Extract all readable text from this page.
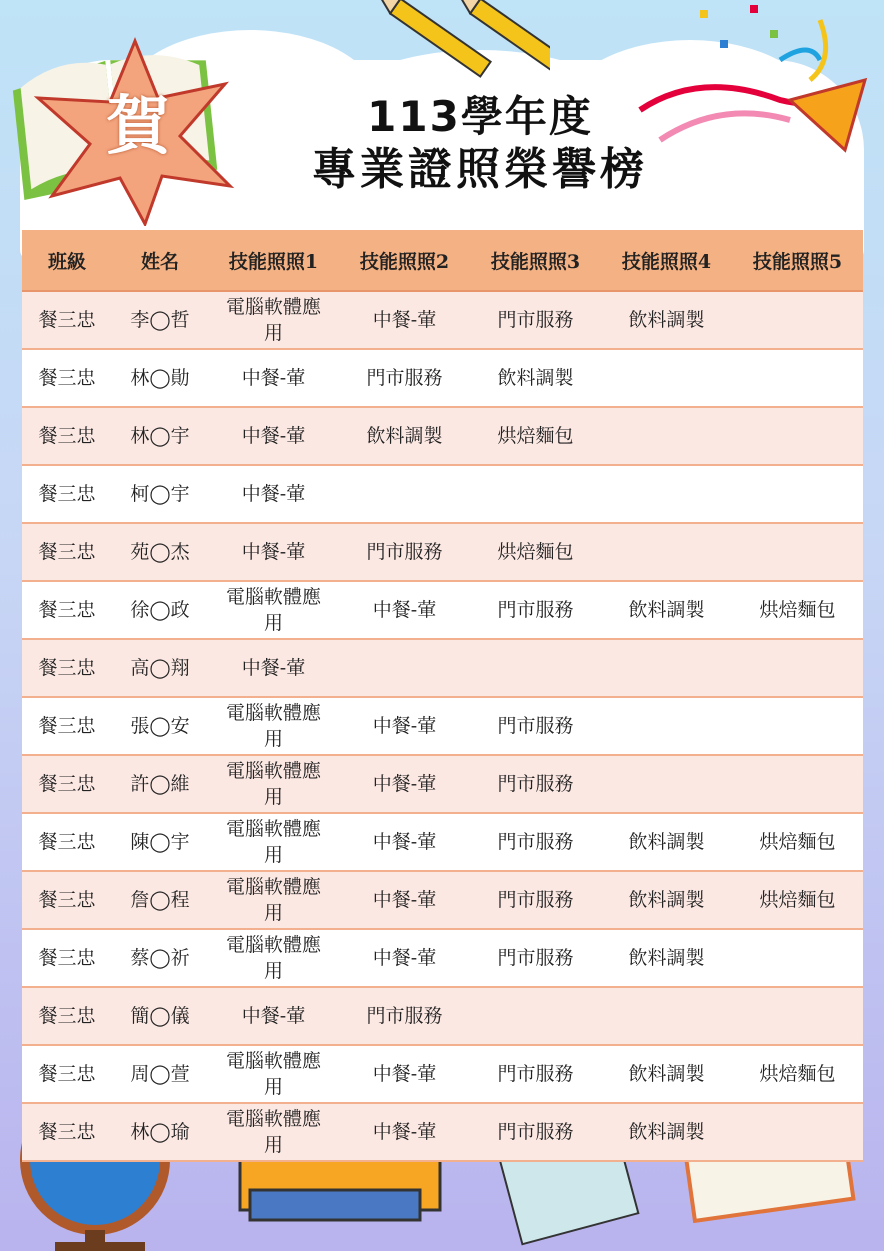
賀	113學年度
專業證照榮譽榜
班級	姓名	技能照照1	技能照照2	技能照照3	技能照照4	技能照照5
餐三忠	李◯哲	電腦軟體應用	中餐-葷	門市服務	飲料調製	
餐三忠	林◯勛	中餐-葷	門市服務	飲料調製		
餐三忠	林◯宇	中餐-葷	飲料調製	烘焙麵包		
餐三忠	柯◯宇	中餐-葷				
餐三忠	苑◯杰	中餐-葷	門市服務	烘焙麵包		
餐三忠	徐◯政	電腦軟體應用	中餐-葷	門市服務	飲料調製	烘焙麵包
餐三忠	高◯翔	中餐-葷				
餐三忠	張◯安	電腦軟體應用	中餐-葷	門市服務		
餐三忠	許◯維	電腦軟體應用	中餐-葷	門市服務		
餐三忠	陳◯宇	電腦軟體應用	中餐-葷	門市服務	飲料調製	烘焙麵包
餐三忠	詹◯程	電腦軟體應用	中餐-葷	門市服務	飲料調製	烘焙麵包
餐三忠	蔡◯祈	電腦軟體應用	中餐-葷	門市服務	飲料調製	
餐三忠	簡◯儀	中餐-葷	門市服務			
餐三忠	周◯萱	電腦軟體應用	中餐-葷	門市服務	飲料調製	烘焙麵包
餐三忠	林◯瑜	電腦軟體應用	中餐-葷	門市服務	飲料調製	
